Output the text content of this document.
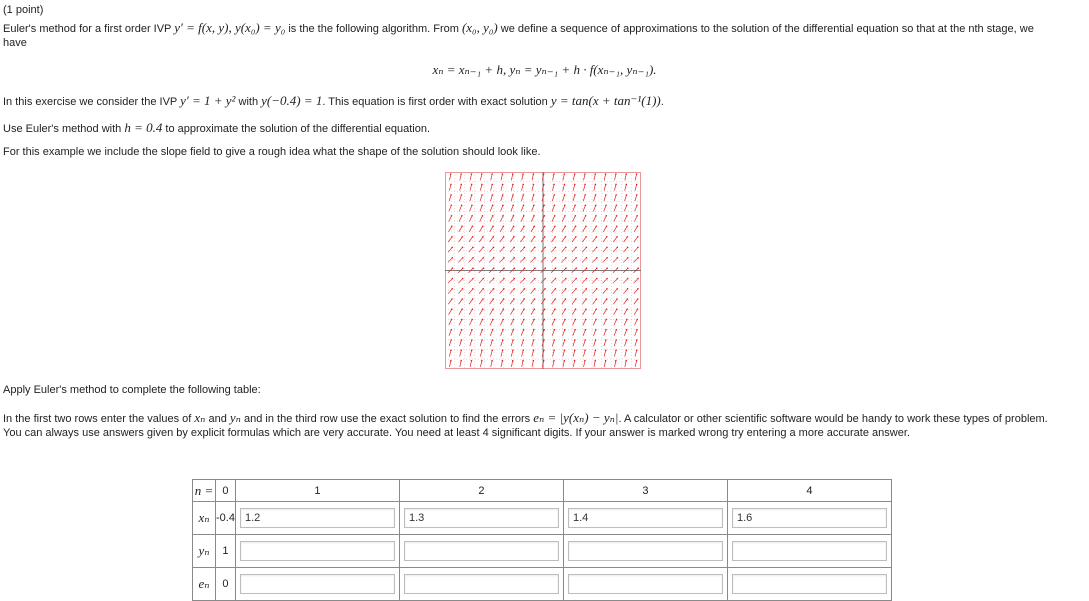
(1 point)
Euler's method for a first order IVP y′ = f(x, y), y(x₀) = y₀ is the the following algorithm. From (x₀, y₀) we define a sequence of approximations to the solution of the differential equation so that at the nth stage, we
have
xₙ = xₙ₋₁ + h, yₙ = yₙ₋₁ + h · f(xₙ₋₁, yₙ₋₁).
In this exercise we consider the IVP y′ = 1 + y² with y(−0.4) = 1. This equation is first order with exact solution y = tan(x + tan⁻¹(1)).
Use Euler's method with h = 0.4 to approximate the solution of the differential equation.
For this example we include the slope field to give a rough idea what the shape of the solution should look like.
Apply Euler's method to complete the following table:
In the first two rows enter the values of xₙ and yₙ and in the third row use the exact solution to find the errors eₙ = |y(xₙ) − yₙ|. A calculator or other scientific software would be handy to work these types of problem.
You can always use answers given by explicit formulas which are very accurate. You need at least 4 significant digits. If your answer is marked wrong try entering a more accurate answer.
n =	0	1	2	3	4
xₙ	-0.4	1.2	1.3	1.4	1.6

yₙ	1	

eₙ	0	
